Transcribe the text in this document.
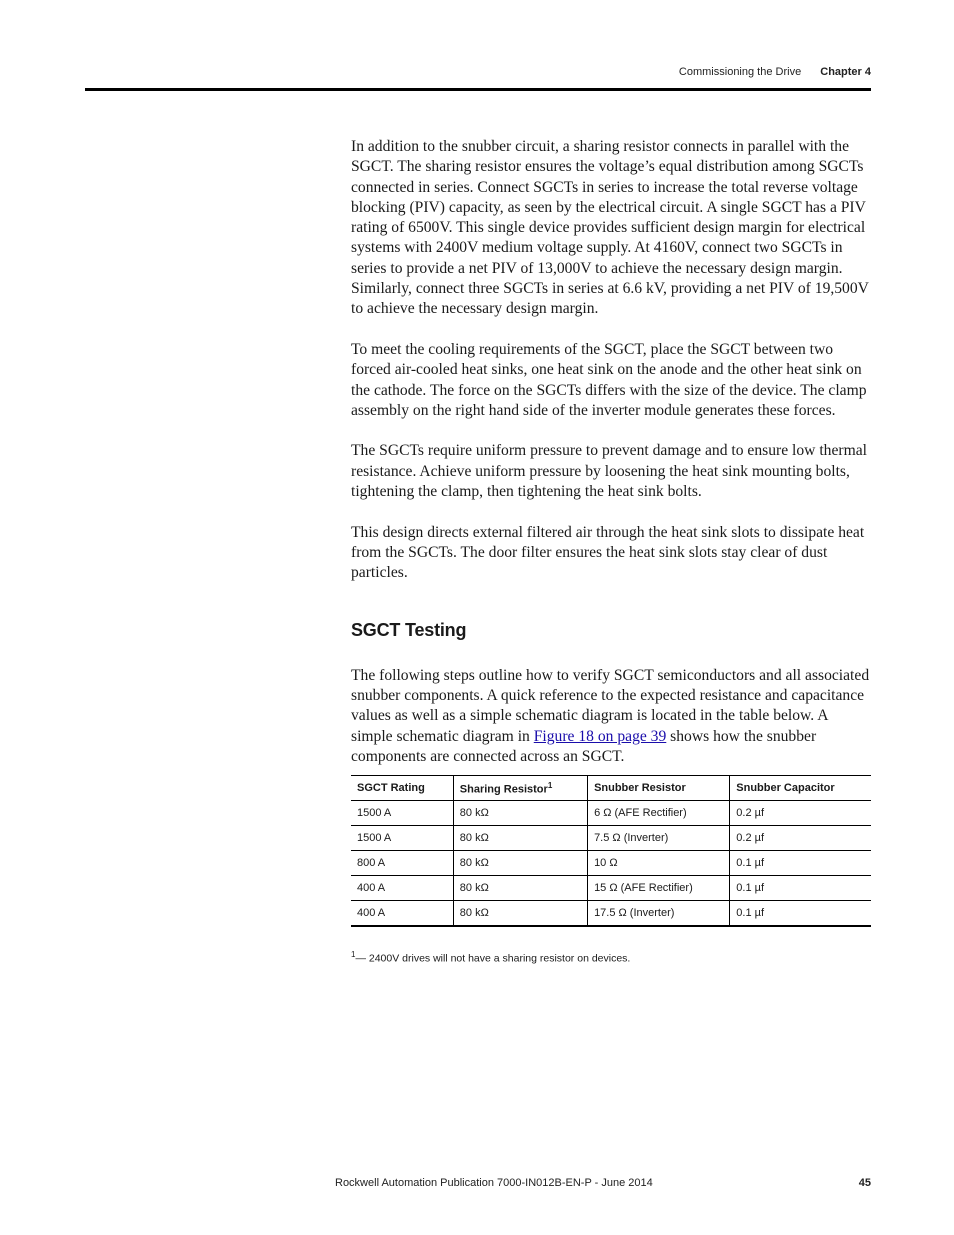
Commissioning the Drive Chapter 4

In addition to the snubber circuit, a sharing resistor connects in parallel with the SGCT. The sharing resistor ensures the voltage’s equal distribution among SGCTs connected in series. Connect SGCTs in series to increase the total reverse voltage blocking (PIV) capacity, as seen by the electrical circuit. A single SGCT has a PIV rating of 6500V. This single device provides sufficient design margin for electrical systems with 2400V medium voltage supply. At 4160V, connect two SGCTs in series to provide a net PIV of 13,000V to achieve the necessary design margin. Similarly, connect three SGCTs in series at 6.6 kV, providing a net PIV of 19,500V to achieve the necessary design margin.

To meet the cooling requirements of the SGCT, place the SGCT between two forced air-cooled heat sinks, one heat sink on the anode and the other heat sink on the cathode. The force on the SGCTs differs with the size of the device. The clamp assembly on the right hand side of the inverter module generates these forces.

The SGCTs require uniform pressure to prevent damage and to ensure low thermal resistance. Achieve uniform pressure by loosening the heat sink mounting bolts, tightening the clamp, then tightening the heat sink bolts.

This design directs external filtered air through the heat sink slots to dissipate heat from the SGCTs. The door filter ensures the heat sink slots stay clear of dust particles.

SGCT Testing

The following steps outline how to verify SGCT semiconductors and all associated snubber components. A quick reference to the expected resistance and capacitance values as well as a simple schematic diagram is located in the table below. A simple schematic diagram in Figure 18 on page 39 shows how the snubber components are connected across an SGCT.

SGCT Rating	Sharing Resistor$^1$	Snubber Resistor	Snubber Capacitor
1500 A	80 kΩ	6 Ω (AFE Rectifier)	0.2 µf
1500 A	80 kΩ	7.5 Ω (Inverter)	0.2 µf
800 A	80 kΩ	10 Ω	0.1 µf
400 A	80 kΩ	15 Ω (AFE Rectifier)	0.1 µf
400 A	80 kΩ	17.5 Ω (Inverter)	0.1 µf
$^1$— 2400V drives will not have a sharing resistor on devices.
Rockwell Automation Publication 7000-IN012B-EN-P - June 2014	45
